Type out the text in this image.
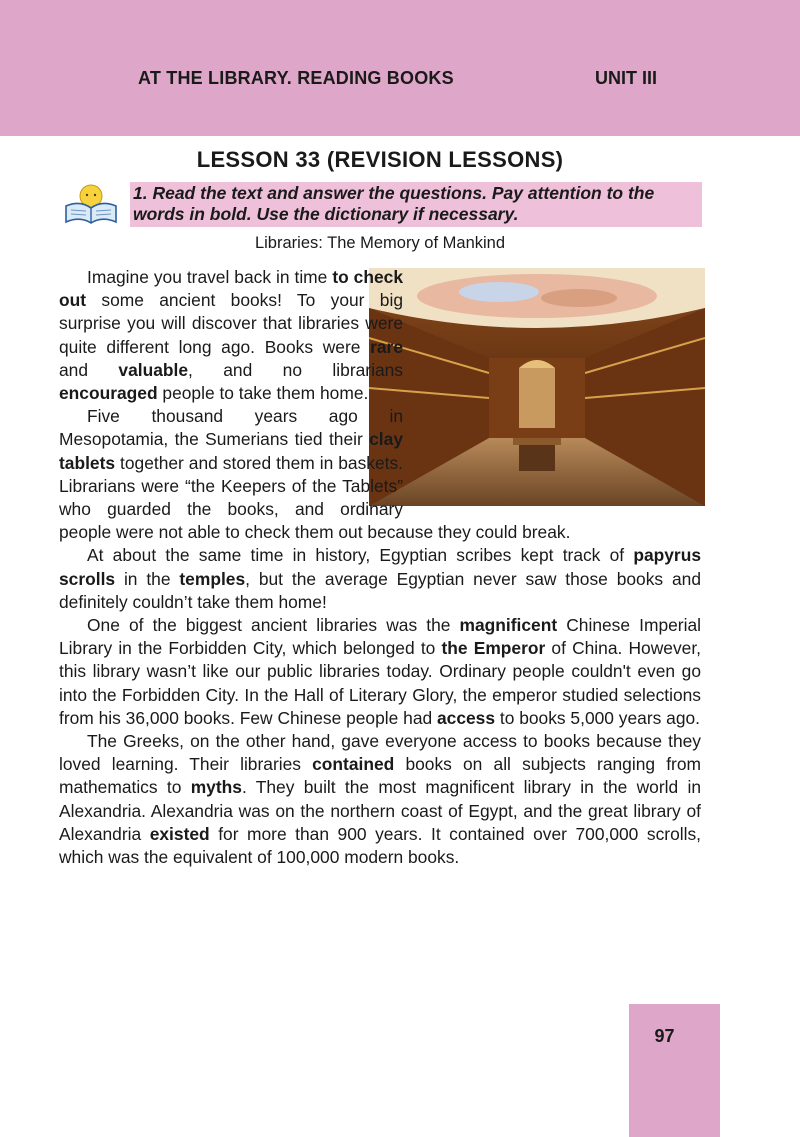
AT THE LIBRARY. READING BOOKS	UNIT III
LESSON 33 (REVISION LESSONS)
1. Read the text and answer the questions. Pay attention to the words in bold. Use the dictionary if necessary.
Libraries: The Memory of Mankind

Imagine you travel back in time to check out some ancient books! To your big surprise you will discover that libraries were quite different long ago. Books were rare and valuable, and no librarians encouraged people to take them home.

Five thousand years ago in Mesopotamia, the Sumerians tied their clay tablets together and stored them in baskets. Librarians were “the Keepers of the Tablets” who guarded the books, and ordinary people were not able to check them out because they could break.

At about the same time in history, Egyptian scribes kept track of papyrus scrolls in the temples, but the average Egyptian never saw those books and definitely couldn’t take them home!

One of the biggest ancient libraries was the magnificent Chinese Imperial Library in the Forbidden City, which belonged to the Emperor of China. However, this library wasn’t like our public libraries today. Ordinary people couldn't even go into the Forbidden City. In the Hall of Literary Glory, the emperor studied selections from his 36,000 books. Few Chinese people had access to books 5,000 years ago.

The Greeks, on the other hand, gave everyone access to books because they loved learning. Their libraries contained books on all subjects ranging from mathematics to myths. They built the most magnificent library in the world in Alexandria. Alexandria was on the northern coast of Egypt, and the great library of Alexandria existed for more than 900 years. It contained over 700,000 scrolls, which was the equivalent of 100,000 modern books.

97
